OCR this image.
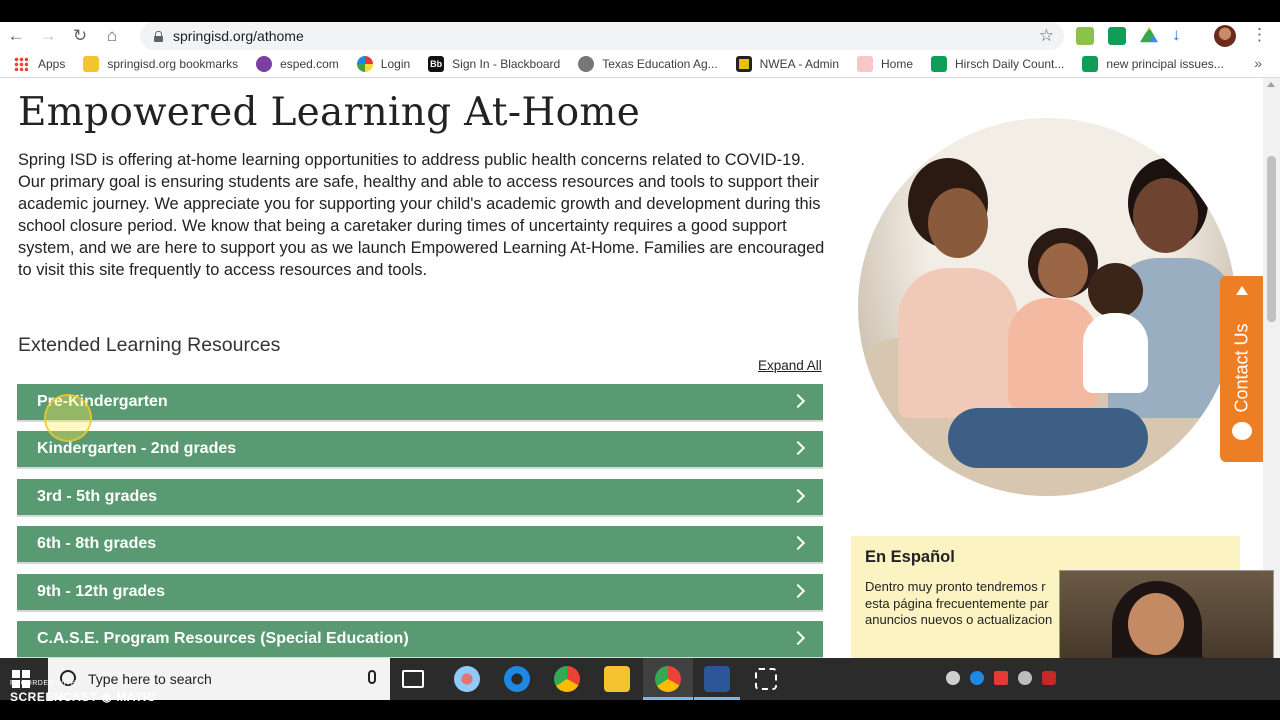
← → ↻	⌂	springisd.org/athome	☆	↓	⋮
Apps	springisd.org bookmarks	esped.com	Login Bb Sign In - Blackboard	Texas Education Ag...	NWEA - Admin	Home	Hirsch Daily Count...	new principal issues... »
Empowered Learning At-Home

Spring ISD is offering at-home learning opportunities to address public health concerns related to COVID-19. Our primary goal is ensuring students are safe, healthy and able to access resources and tools to support their academic journey. We appreciate you for supporting your child's academic growth and development during this school closure period. We know that being a caretaker during times of uncertainty requires a good support system, and we are here to support you as we launch Empowered Learning At-Home. Families are encouraged to visit this site frequently to access resources and tools.

Extended Learning Resources
Expand All
Pre-Kindergarten
Kindergarten - 2nd grades
3rd - 5th grades
6th - 8th grades
9th - 12th grades
C.A.S.E. Program Resources (Special Education)
Contact Us
En Español

Dentro muy pronto tendremos r

esta página frecuentemente par

anuncios nuevos o actualizacion

Type here to search
RECORDED WITH
SCREENCAST ◉ MATIC
